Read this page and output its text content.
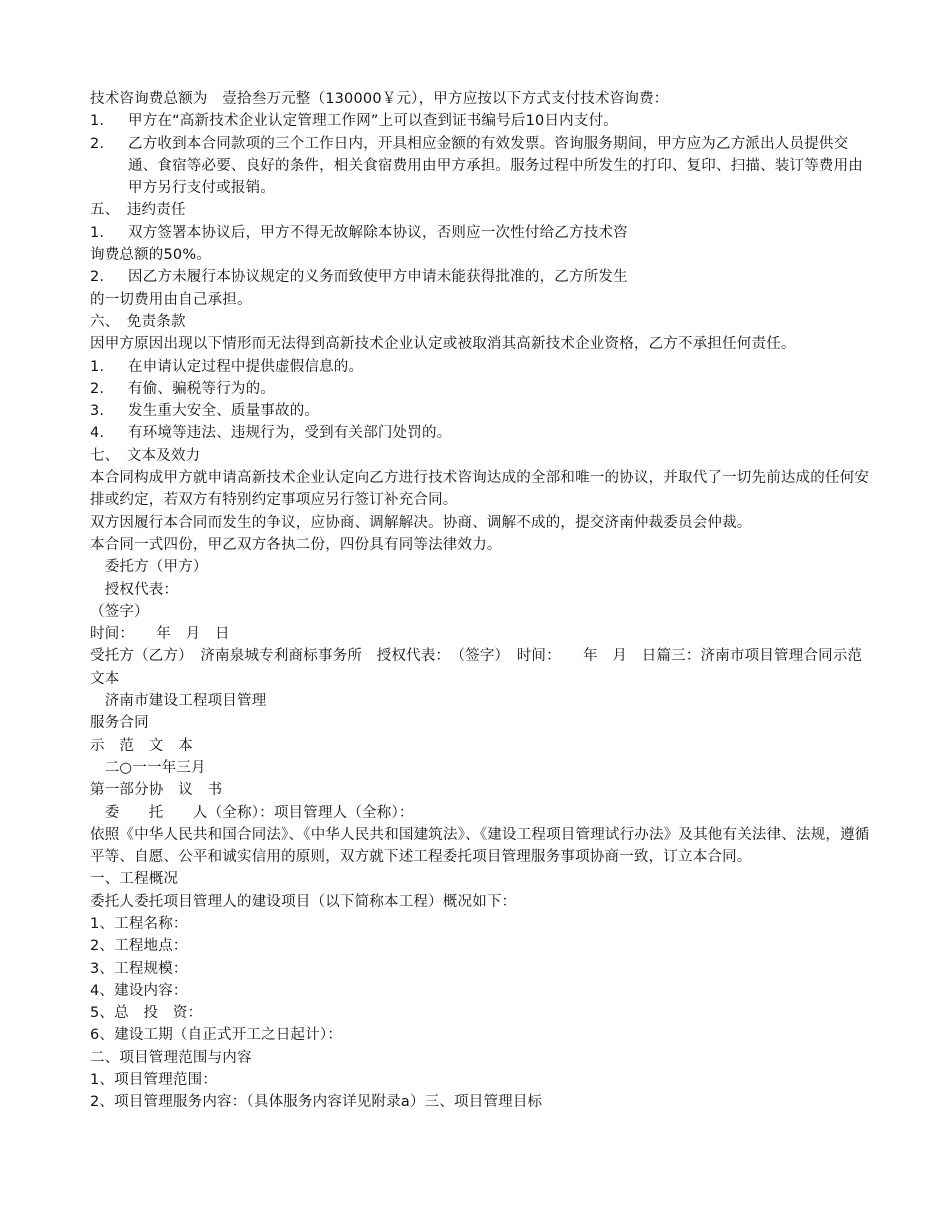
技术咨询费总额为　壹拾叁万元整（130000￥元），甲方应按以下方式支付技术咨询费：
1. 甲方在“高新技术企业认定管理工作网”上可以查到证书编号后10日内支付。
2. 乙方收到本合同款项的三个工作日内，开具相应金额的有效发票。咨询服务期间，甲方应为乙方派出人员提供交通、食宿等必要、良好的条件，相关食宿费用由甲方承担。服务过程中所发生的打印、复印、扫描、装订等费用由甲方另行支付或报销。
五、　违约责任
1. 双方签署本协议后，甲方不得无故解除本协议，否则应一次性付给乙方技术咨
询费总额的50%。
2. 因乙方未履行本协议规定的义务而致使甲方申请未能获得批准的，乙方所发生
的一切费用由自己承担。
六、　免责条款
因甲方原因出现以下情形而无法得到高新技术企业认定或被取消其高新技术企业资格，乙方不承担任何责任。
1. 在申请认定过程中提供虚假信息的。
2. 有偷、骗税等行为的。
3. 发生重大安全、质量事故的。
4. 有环境等违法、违规行为，受到有关部门处罚的。
七、　文本及效力
本合同构成甲方就申请高新技术企业认定向乙方进行技术咨询达成的全部和唯一的协议，并取代了一切先前达成的任何安排或约定，若双方有特别约定事项应另行签订补充合同。
双方因履行本合同而发生的争议，应协商、调解解决。协商、调解不成的，提交济南仲裁委员会仲裁。
本合同一式四份，甲乙双方各执二份，四份具有同等法律效力。
　委托方（甲方）
　授权代表：
（签字）
时间：　　年　月　日
受托方（乙方）　济南泉城专利商标事务所　授权代表：　（签字）　时间：　　年　月　日篇三：济南市项目管理合同示范文本
　济南市建设工程项目管理
服务合同
示　范　文　本
　二○一一年三月
第一部分协　议　书
　委　　托　　人（全称）：项目管理人（全称）：
依照《中华人民共和国合同法》、《中华人民共和国建筑法》、《建设工程项目管理试行办法》及其他有关法律、法规，遵循平等、自愿、公平和诚实信用的原则，双方就下述工程委托项目管理服务事项协商一致，订立本合同。
一、工程概况
委托人委托项目管理人的建设项目（以下简称本工程）概况如下：
1、工程名称：
2、工程地点：
3、工程规模：
4、建设内容：
5、总　投　资：
6、建设工期（自正式开工之日起计）：
二、项目管理范围与内容
1、项目管理范围：
2、项目管理服务内容：（具体服务内容详见附录a）三、项目管理目标
